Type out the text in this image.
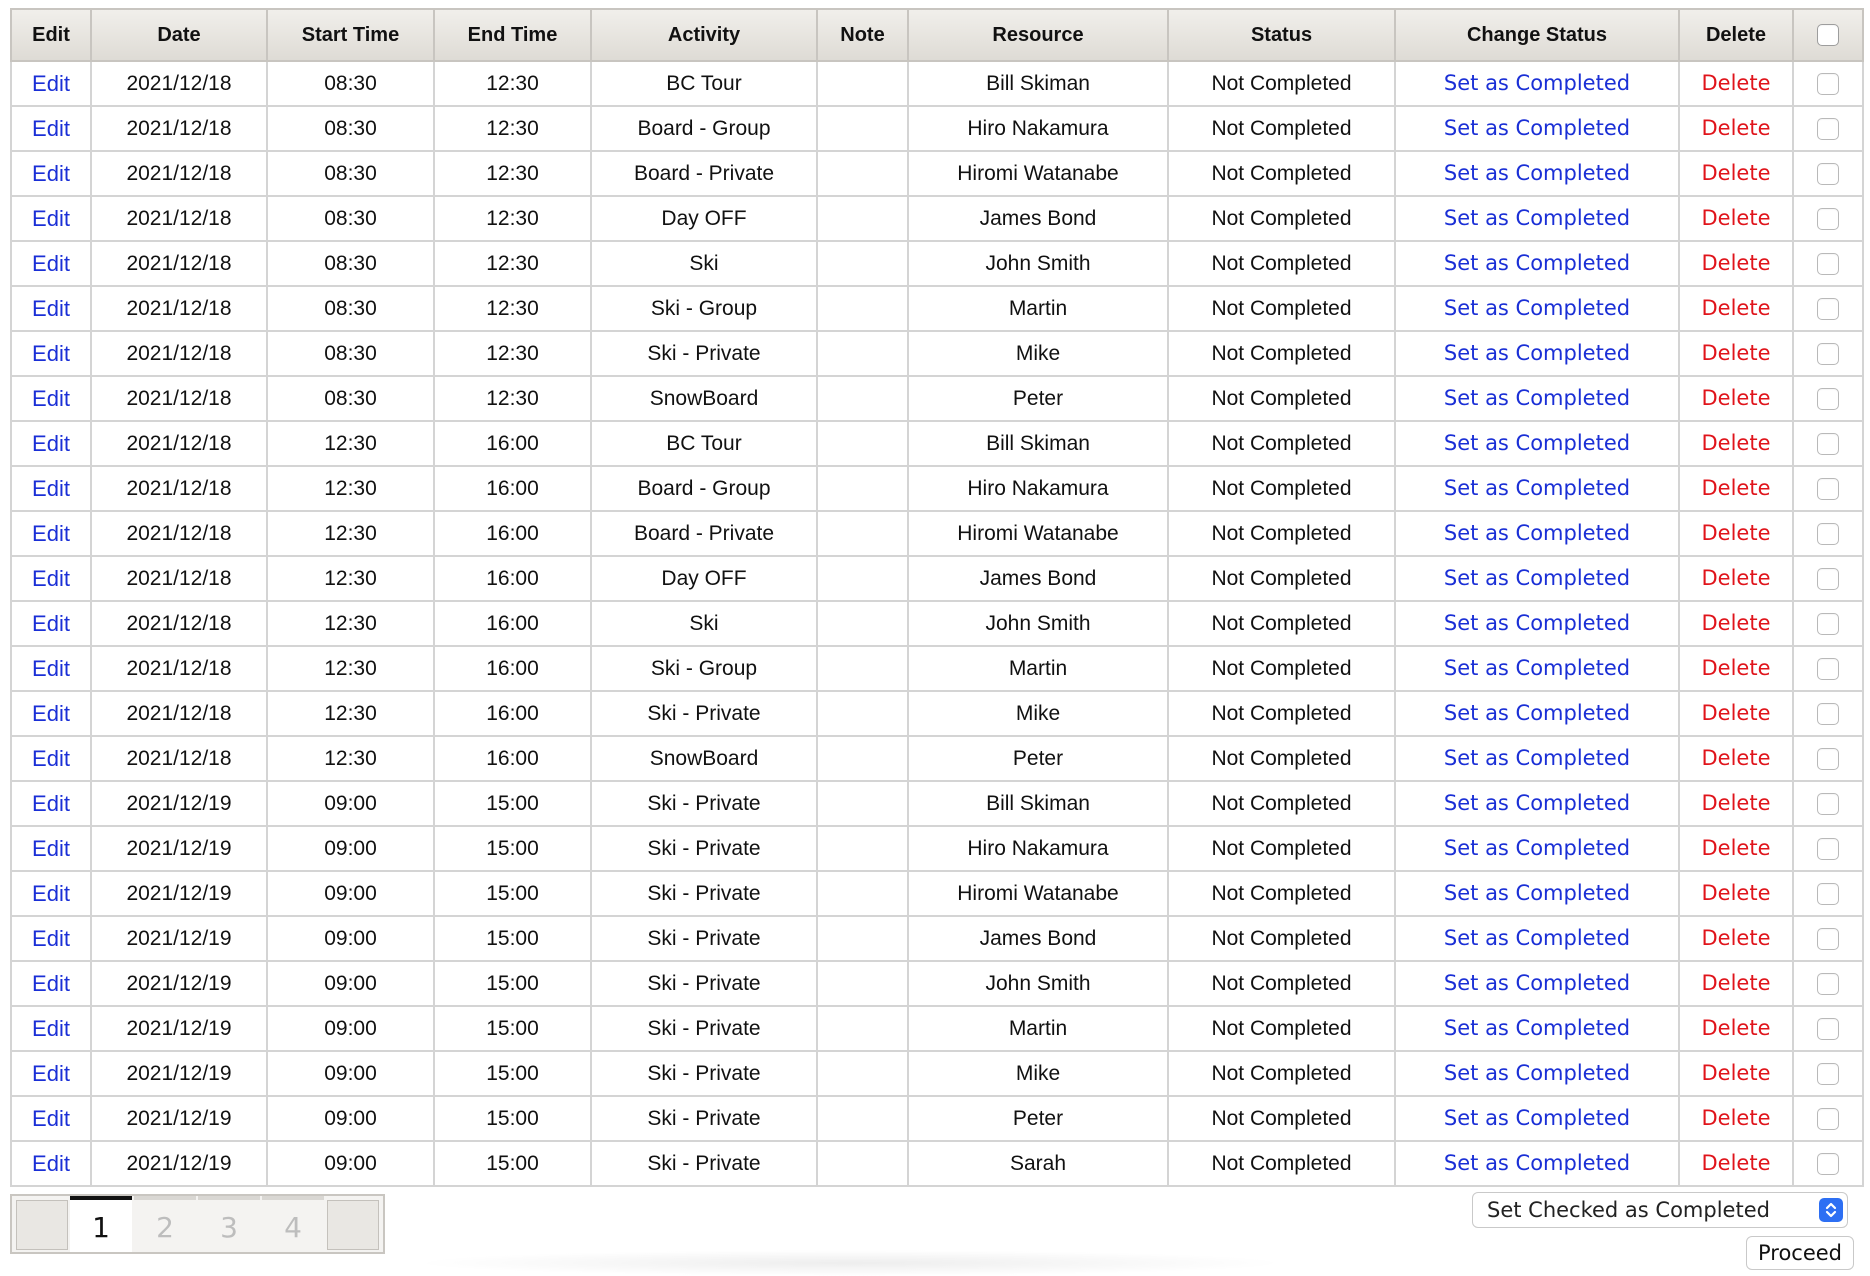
Edit	Date	Start Time	End Time	Activity	Note	Resource	Status	Change Status	Delete	
Edit	2021/12/18	08:30	12:30	BC Tour		Bill Skiman	Not Completed	Set as Completed	Delete	
Edit	2021/12/18	08:30	12:30	Board - Group		Hiro Nakamura	Not Completed	Set as Completed	Delete	
Edit	2021/12/18	08:30	12:30	Board - Private		Hiromi Watanabe	Not Completed	Set as Completed	Delete	
Edit	2021/12/18	08:30	12:30	Day OFF		James Bond	Not Completed	Set as Completed	Delete	
Edit	2021/12/18	08:30	12:30	Ski		John Smith	Not Completed	Set as Completed	Delete	
Edit	2021/12/18	08:30	12:30	Ski - Group		Martin	Not Completed	Set as Completed	Delete	
Edit	2021/12/18	08:30	12:30	Ski - Private		Mike	Not Completed	Set as Completed	Delete	
Edit	2021/12/18	08:30	12:30	SnowBoard		Peter	Not Completed	Set as Completed	Delete	
Edit	2021/12/18	12:30	16:00	BC Tour		Bill Skiman	Not Completed	Set as Completed	Delete	
Edit	2021/12/18	12:30	16:00	Board - Group		Hiro Nakamura	Not Completed	Set as Completed	Delete	
Edit	2021/12/18	12:30	16:00	Board - Private		Hiromi Watanabe	Not Completed	Set as Completed	Delete	
Edit	2021/12/18	12:30	16:00	Day OFF		James Bond	Not Completed	Set as Completed	Delete	
Edit	2021/12/18	12:30	16:00	Ski		John Smith	Not Completed	Set as Completed	Delete	
Edit	2021/12/18	12:30	16:00	Ski - Group		Martin	Not Completed	Set as Completed	Delete	
Edit	2021/12/18	12:30	16:00	Ski - Private		Mike	Not Completed	Set as Completed	Delete	
Edit	2021/12/18	12:30	16:00	SnowBoard		Peter	Not Completed	Set as Completed	Delete	
Edit	2021/12/19	09:00	15:00	Ski - Private		Bill Skiman	Not Completed	Set as Completed	Delete	
Edit	2021/12/19	09:00	15:00	Ski - Private		Hiro Nakamura	Not Completed	Set as Completed	Delete	
Edit	2021/12/19	09:00	15:00	Ski - Private		Hiromi Watanabe	Not Completed	Set as Completed	Delete	
Edit	2021/12/19	09:00	15:00	Ski - Private		James Bond	Not Completed	Set as Completed	Delete	
Edit	2021/12/19	09:00	15:00	Ski - Private		John Smith	Not Completed	Set as Completed	Delete	
Edit	2021/12/19	09:00	15:00	Ski - Private		Martin	Not Completed	Set as Completed	Delete	
Edit	2021/12/19	09:00	15:00	Ski - Private		Mike	Not Completed	Set as Completed	Delete	
Edit	2021/12/19	09:00	15:00	Ski - Private		Peter	Not Completed	Set as Completed	Delete	
Edit	2021/12/19	09:00	15:00	Ski - Private		Sarah	Not Completed	Set as Completed	Delete	
1	2	3	4
Set Checked as Completed
Proceed
